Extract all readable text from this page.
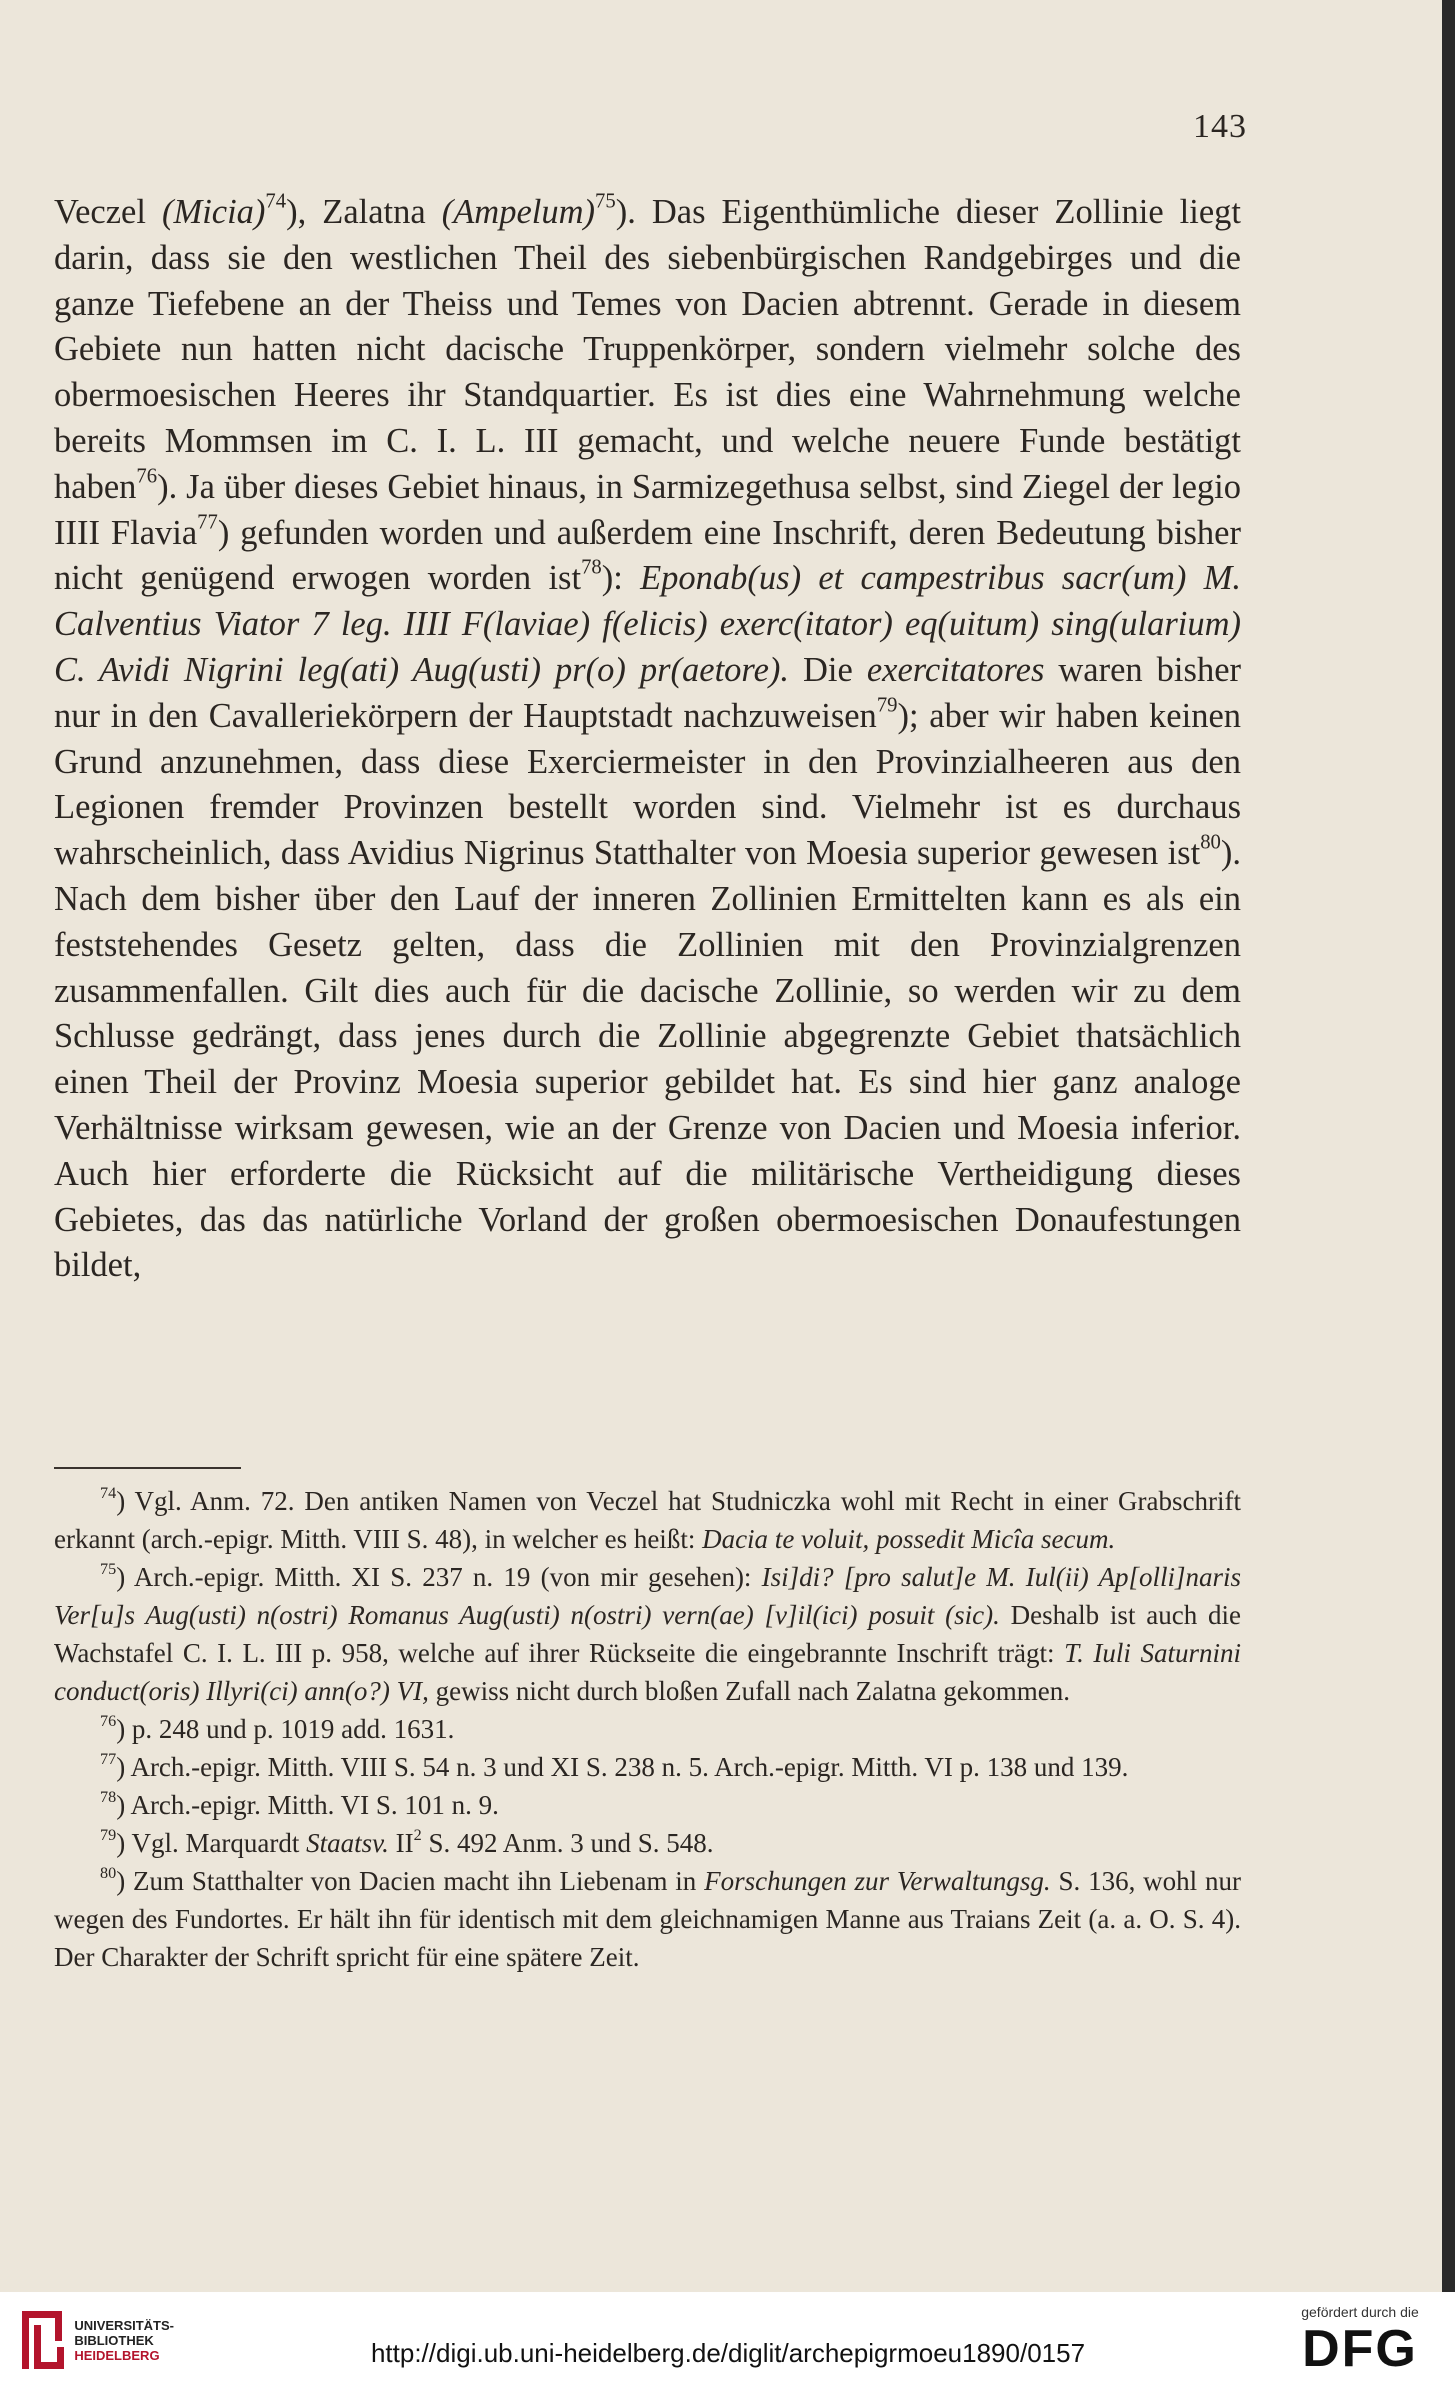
143

Veczel (Micia)$^{74}$), Zalatna (Ampelum)$^{75}$). Das Eigenthümliche dieser Zollinie liegt darin, dass sie den westlichen Theil des siebenbürgischen Randgebirges und die ganze Tiefebene an der Theiss und Temes von Dacien abtrennt. Gerade in diesem Gebiete nun hatten nicht dacische Truppenkörper, sondern vielmehr solche des obermoesischen Heeres ihr Standquartier. Es ist dies eine Wahrnehmung welche bereits Mommsen im C. I. L. III gemacht, und welche neuere Funde bestätigt haben$^{76}$). Ja über dieses Gebiet hinaus, in Sarmizegethusa selbst, sind Ziegel der legio IIII Flavia$^{77}$) gefunden worden und außerdem eine Inschrift, deren Bedeutung bisher nicht genügend erwogen worden ist$^{78}$): Eponab(us) et campestribus sacr(um) M. Calventius Viator 7 leg. IIII F(laviae) f(elicis) exerc(itator) eq(uitum) sing(ularium) C. Avidi Nigrini leg(ati) Aug(usti) pr(o) pr(aetore). Die exercitatores waren bisher nur in den Cavalleriekörpern der Hauptstadt nachzuweisen$^{79}$); aber wir haben keinen Grund anzunehmen, dass diese Exerciermeister in den Provinzialheeren aus den Legionen fremder Provinzen bestellt worden sind. Vielmehr ist es durchaus wahrscheinlich, dass Avidius Nigrinus Statthalter von Moesia superior gewesen ist$^{80}$). Nach dem bisher über den Lauf der inneren Zollinien Ermittelten kann es als ein feststehendes Gesetz gelten, dass die Zollinien mit den Provinzialgrenzen zusammenfallen. Gilt dies auch für die dacische Zollinie, so werden wir zu dem Schlusse gedrängt, dass jenes durch die Zollinie abgegrenzte Gebiet thatsächlich einen Theil der Provinz Moesia superior gebildet hat. Es sind hier ganz analoge Verhältnisse wirksam gewesen, wie an der Grenze von Dacien und Moesia inferior. Auch hier erforderte die Rücksicht auf die militärische Vertheidigung dieses Gebietes, das das natürliche Vorland der großen obermoesischen Donaufestungen bildet,

$^{74}$) Vgl. Anm. 72. Den antiken Namen von Veczel hat Studniczka wohl mit Recht in einer Grabschrift erkannt (arch.-epigr. Mitth. VIII S. 48), in welcher es heißt: Dacia te voluit, possedit Micîa secum.

$^{75}$) Arch.-epigr. Mitth. XI S. 237 n. 19 (von mir gesehen): Isi]di? [pro salut]e M. Iul(ii) Ap[olli]naris Ver[u]s Aug(usti) n(ostri) Romanus Aug(usti) n(ostri) vern(ae) [v]il(ici) posuit (sic). Deshalb ist auch die Wachstafel C. I. L. III p. 958, welche auf ihrer Rückseite die eingebrannte Inschrift trägt: T. Iuli Saturnini conduct(oris) Illyri(ci) ann(o?) VI, gewiss nicht durch bloßen Zufall nach Zalatna gekommen.

$^{76}$) p. 248 und p. 1019 add. 1631.

$^{77}$) Arch.-epigr. Mitth. VIII S. 54 n. 3 und XI S. 238 n. 5. Arch.-epigr. Mitth. VI p. 138 und 139.

$^{78}$) Arch.-epigr. Mitth. VI S. 101 n. 9.

$^{79}$) Vgl. Marquardt Staatsv. $II^2$ S. 492 Anm. 3 und S. 548.

$^{80}$) Zum Statthalter von Dacien macht ihn Liebenam in Forschungen zur Verwaltungsg. S. 136, wohl nur wegen des Fundortes. Er hält ihn für identisch mit dem gleichnamigen Manne aus Traians Zeit (a. a. O. S. 4). Der Charakter der Schrift spricht für eine spätere Zeit.

UNIVERSITÄTS-
BIBLIOTHEK
HEIDELBERG	http://digi.ub.uni-heidelberg.de/diglit/archepigrmoeu1890/0157
gefördert durch die
DFG
